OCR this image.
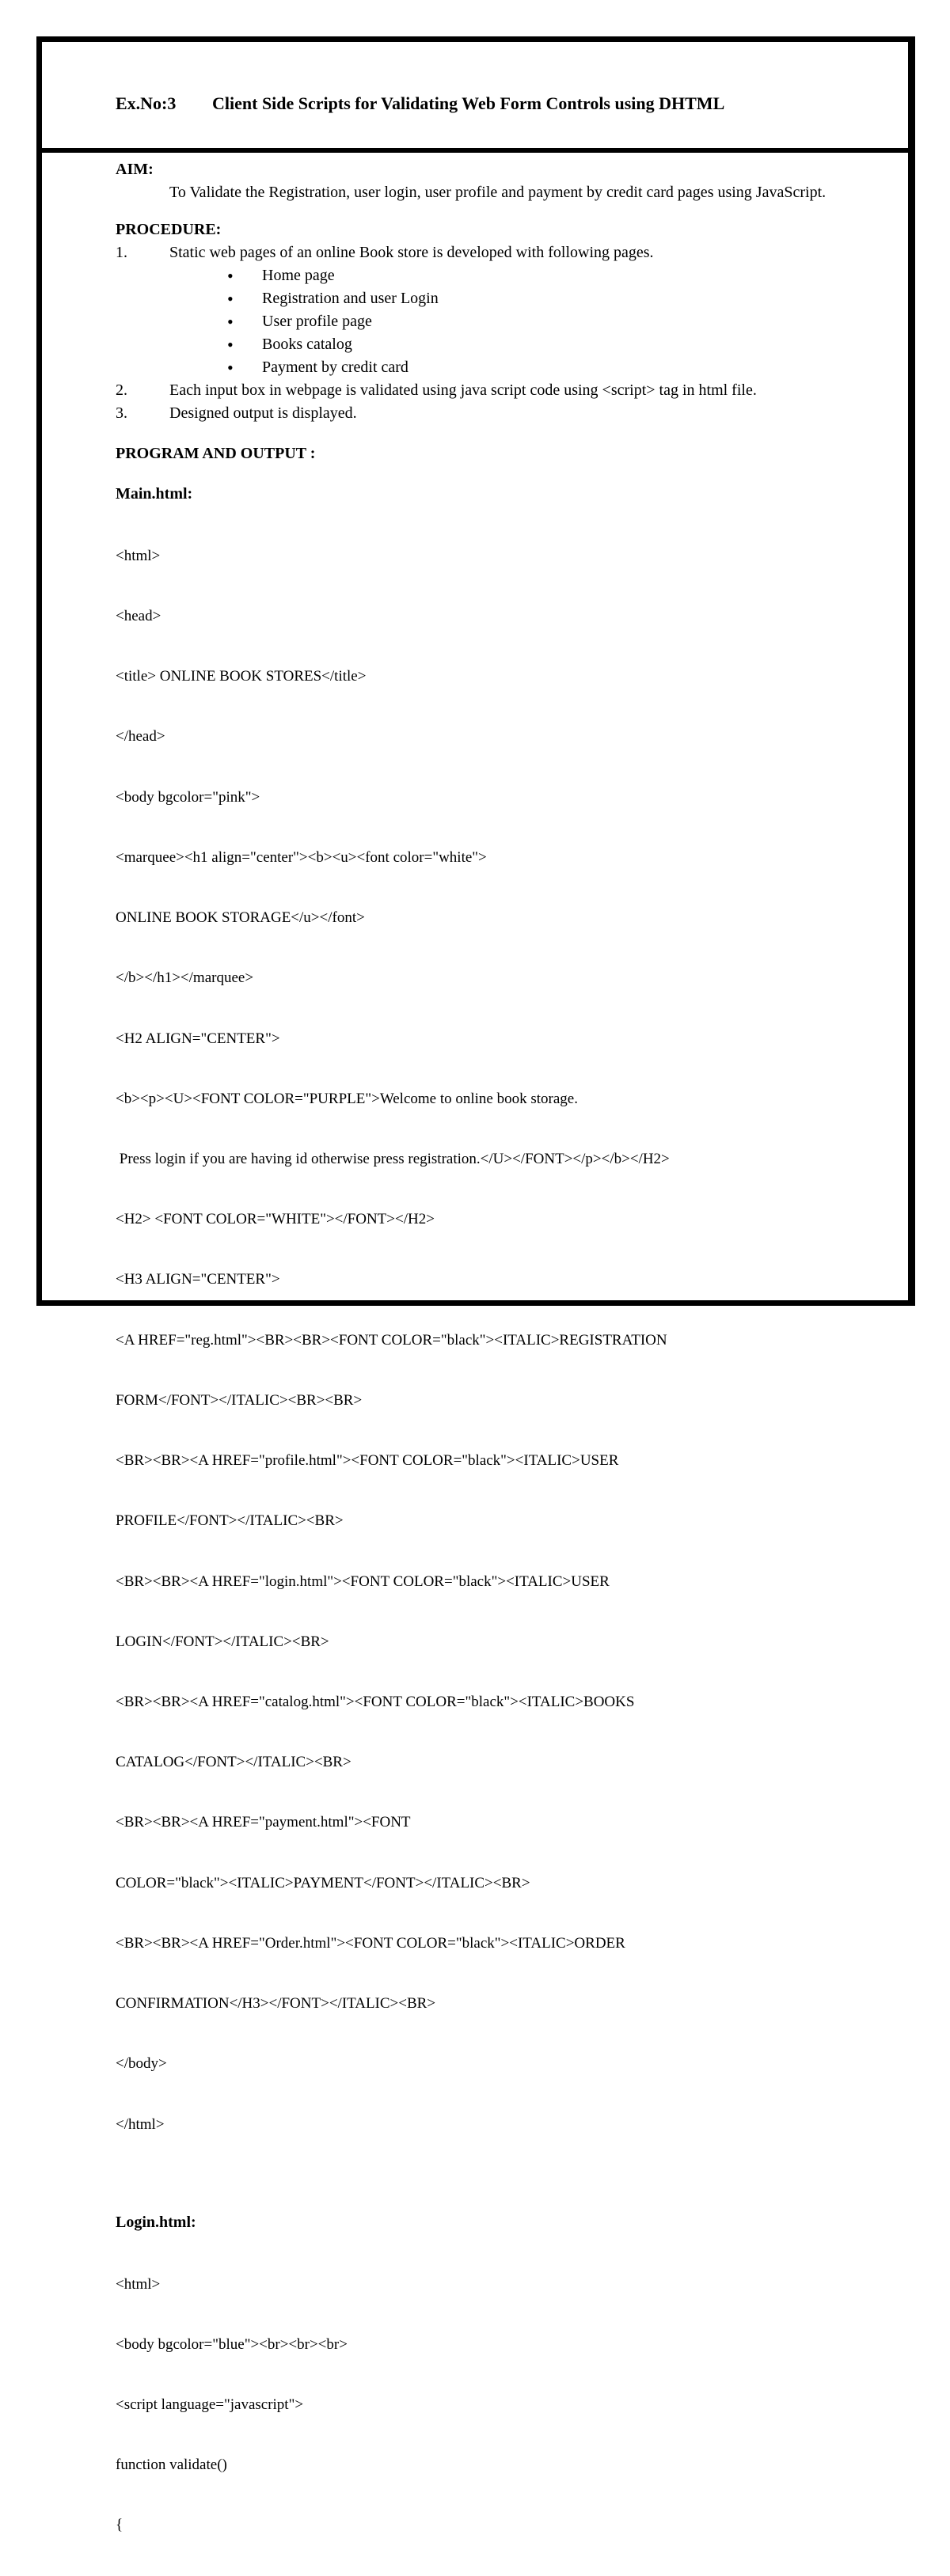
Ex.No:3 Client Side Scripts for Validating Web Form Controls using DHTML
AIM:
To Validate the Registration, user login, user profile and payment by credit card pages using JavaScript.
PROCEDURE:
1.	Static web pages of an online Book store is developed with following pages.
• Home page
• Registration and user Login
• User profile page
• Books catalog
• Payment by credit card
2.	Each input box in webpage is validated using java script code using <script> tag in html file.
3.	Designed output is displayed.
PROGRAM AND OUTPUT :
Main.html:

<html>

<head>

<title> ONLINE BOOK STORES</title>

</head>

<body bgcolor="pink">

<marquee><h1 align="center"><b><u><font color="white">

ONLINE BOOK STORAGE</u></font>

</b></h1></marquee>

<H2 ALIGN="CENTER">

<b><p><U><FONT COLOR="PURPLE">Welcome to online book storage.

Press login if you are having id otherwise press registration.</U></FONT></p></b></H2>

<H2> <FONT COLOR="WHITE"></FONT></H2>

<H3 ALIGN="CENTER">

<A HREF="reg.html"><BR><BR><FONT COLOR="black"><ITALIC>REGISTRATION

FORM</FONT></ITALIC><BR><BR>

<BR><BR><A HREF="profile.html"><FONT COLOR="black"><ITALIC>USER

PROFILE</FONT></ITALIC><BR>

<BR><BR><A HREF="login.html"><FONT COLOR="black"><ITALIC>USER

LOGIN</FONT></ITALIC><BR>

<BR><BR><A HREF="catalog.html"><FONT COLOR="black"><ITALIC>BOOKS

CATALOG</FONT></ITALIC><BR>

<BR><BR><A HREF="payment.html"><FONT

COLOR="black"><ITALIC>PAYMENT</FONT></ITALIC><BR>

<BR><BR><A HREF="Order.html"><FONT COLOR="black"><ITALIC>ORDER

CONFIRMATION</H3></FONT></ITALIC><BR>

</body>

</html>

Login.html:

<html>

<body bgcolor="blue"><br><br><br>

<script language="javascript">

function validate()

{
